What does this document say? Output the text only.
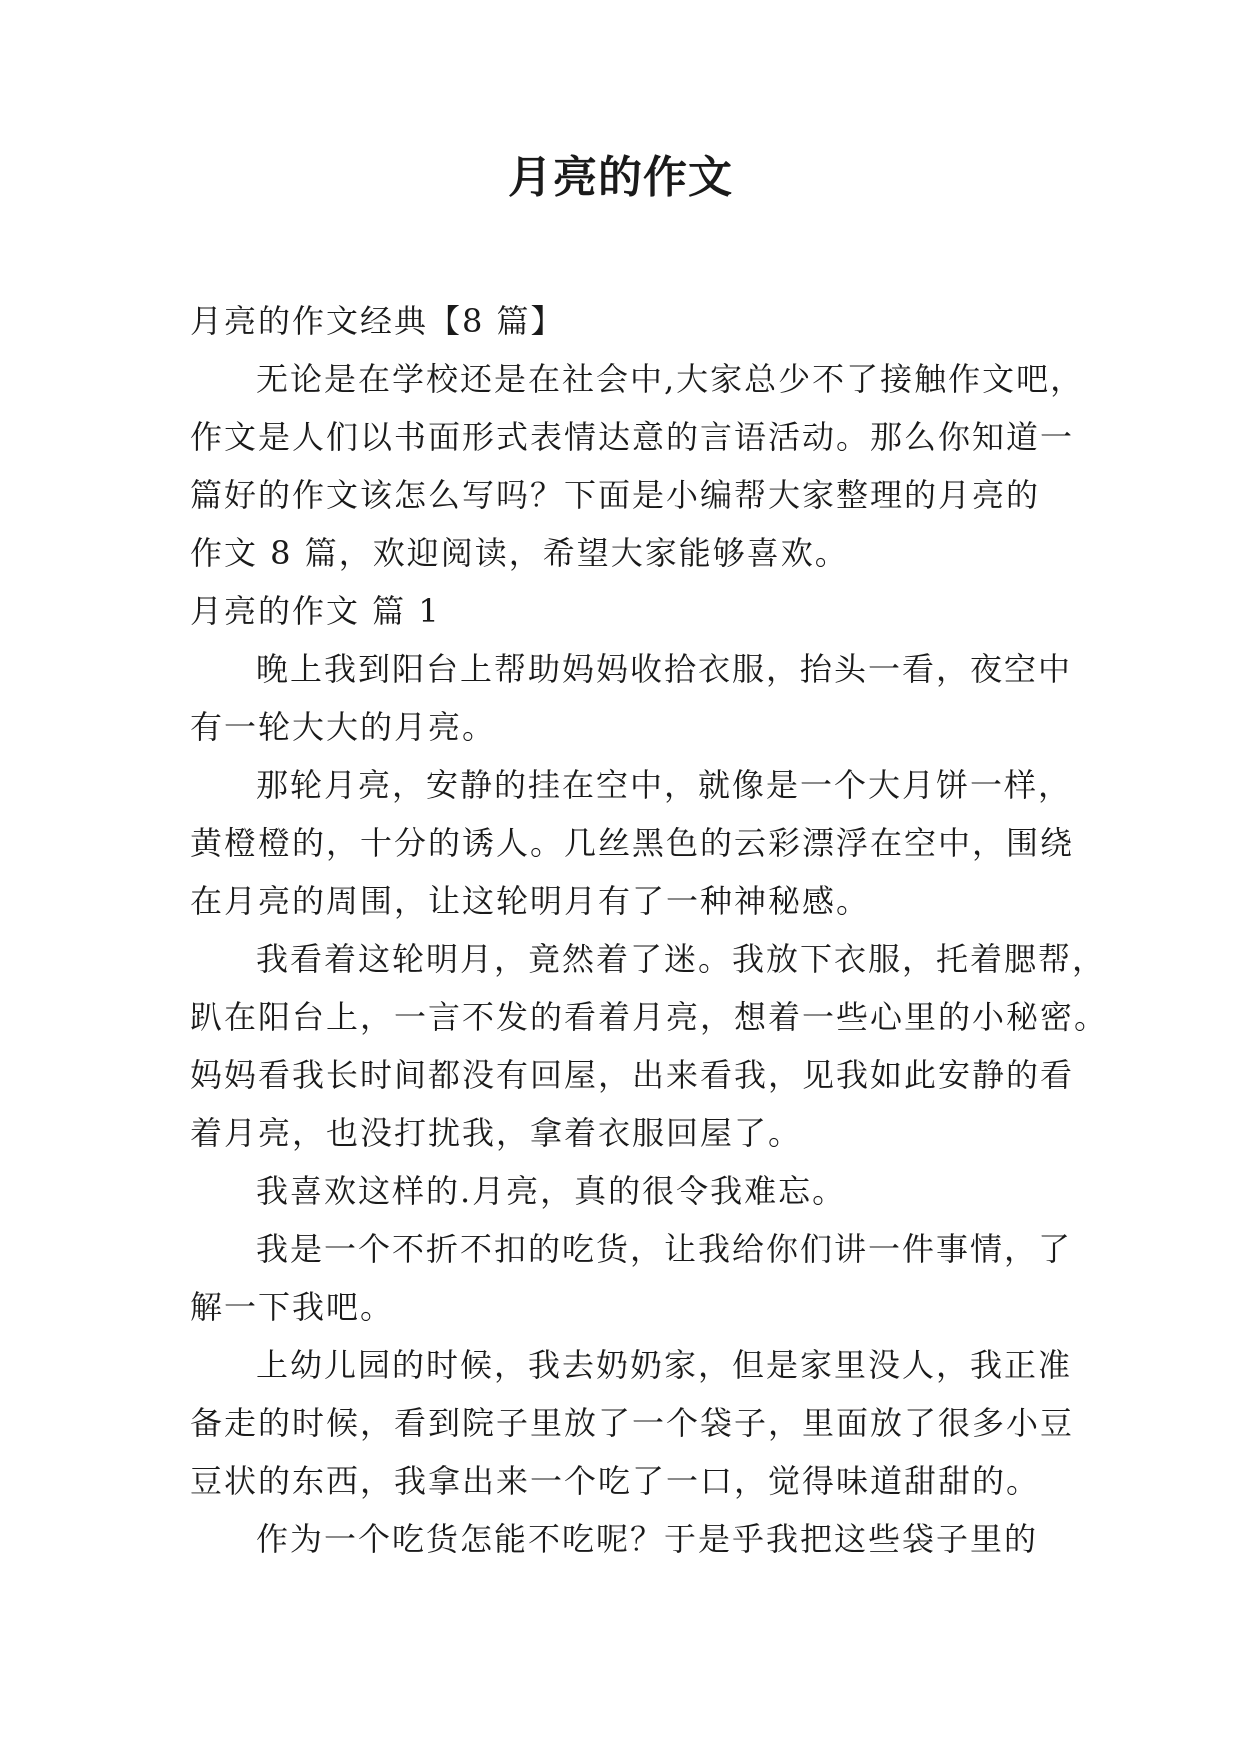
月亮的作文
月亮的作文经典【8 篇】
无论是在学校还是在社会中,大家总少不了接触作文吧，
作文是人们以书面形式表情达意的言语活动。那么你知道一
篇好的作文该怎么写吗？下面是小编帮大家整理的月亮的
作文 8 篇，欢迎阅读，希望大家能够喜欢。
月亮的作文 篇 1
晚上我到阳台上帮助妈妈收拾衣服，抬头一看，夜空中
有一轮大大的月亮。
那轮月亮，安静的挂在空中，就像是一个大月饼一样，
黄橙橙的，十分的诱人。几丝黑色的云彩漂浮在空中，围绕
在月亮的周围，让这轮明月有了一种神秘感。
我看着这轮明月，竟然着了迷。我放下衣服，托着腮帮，
趴在阳台上，一言不发的看着月亮，想着一些心里的小秘密。
妈妈看我长时间都没有回屋，出来看我，见我如此安静的看
着月亮，也没打扰我，拿着衣服回屋了。
我喜欢这样的.月亮，真的很令我难忘。
我是一个不折不扣的吃货，让我给你们讲一件事情，了
解一下我吧。
上幼儿园的时候，我去奶奶家，但是家里没人，我正准
备走的时候，看到院子里放了一个袋子，里面放了很多小豆
豆状的东西，我拿出来一个吃了一口，觉得味道甜甜的。
作为一个吃货怎能不吃呢？于是乎我把这些袋子里的
